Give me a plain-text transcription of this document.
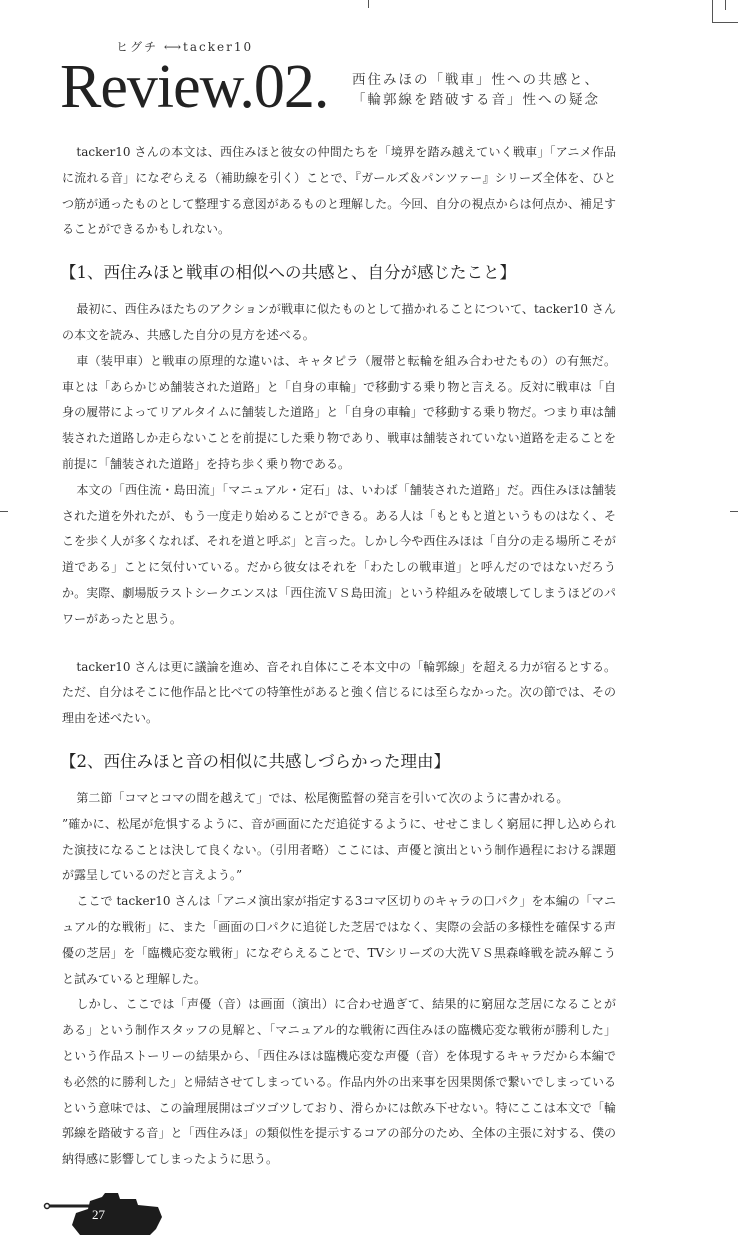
ヒグチ ⟷tacker10
Review.02. 西住みほの「戦車」性への共感と、
「輪郭線を踏破する音」性への疑念

tacker10 さんの本文は、西住みほと彼女の仲間たちを「境界を踏み越えていく戦車」「アニメ作品に流れる音」になぞらえる（補助線を引く）ことで、『ガールズ＆パンツァー』シリーズ全体を、ひとつ筋が通ったものとして整理する意図があるものと理解した。今回、自分の視点からは何点か、補足することができるかもしれない。

【1、西住みほと戦車の相似への共感と、自分が感じたこと】

最初に、西住みほたちのアクションが戦車に似たものとして描かれることについて、tacker10 さんの本文を読み、共感した自分の見方を述べる。

車（装甲車）と戦車の原理的な違いは、キャタピラ（履帯と転輪を組み合わせたもの）の有無だ。車とは「あらかじめ舗装された道路」と「自身の車輪」で移動する乗り物と言える。反対に戦車は「自身の履帯によってリアルタイムに舗装した道路」と「自身の車輪」で移動する乗り物だ。つまり車は舗装された道路しか走らないことを前提にした乗り物であり、戦車は舗装されていない道路を走ることを前提に「舗装された道路」を持ち歩く乗り物である。

本文の「西住流・島田流」「マニュアル・定石」は、いわば「舗装された道路」だ。西住みほは舗装された道を外れたが、もう一度走り始めることができる。ある人は「もともと道というものはなく、そこを歩く人が多くなれば、それを道と呼ぶ」と言った。しかし今や西住みほは「自分の走る場所こそが道である」ことに気付いている。だから彼女はそれを「わたしの戦車道」と呼んだのではないだろうか。実際、劇場版ラストシークエンスは「西住流ＶＳ島田流」という枠組みを破壊してしまうほどのパワーがあったと思う。

tacker10 さんは更に議論を進め、音それ自体にこそ本文中の「輪郭線」を超える力が宿るとする。ただ、自分はそこに他作品と比べての特筆性があると強く信じるには至らなかった。次の節では、その理由を述べたい。

【2、西住みほと音の相似に共感しづらかった理由】

第二節「コマとコマの間を越えて」では、松尾衡監督の発言を引いて次のように書かれる。

”確かに、松尾が危惧するように、音が画面にただ追従するように、せせこましく窮屈に押し込められた演技になることは決して良くない。（引用者略）ここには、声優と演出という制作過程における課題が露呈しているのだと言えよう。”

ここで tacker10 さんは「アニメ演出家が指定する3コマ区切りのキャラの口パク」を本編の「マニュアル的な戦術」に、また「画面の口パクに追従した芝居ではなく、実際の会話の多様性を確保する声優の芝居」を「臨機応変な戦術」になぞらえることで、TVシリーズの大洗ＶＳ黒森峰戦を読み解こうと試みていると理解した。

しかし、ここでは「声優（音）は画面（演出）に合わせ過ぎて、結果的に窮屈な芝居になることがある」という制作スタッフの見解と、「マニュアル的な戦術に西住みほの臨機応変な戦術が勝利した」という作品ストーリーの結果から、「西住みほは臨機応変な声優（音）を体現するキャラだから本編でも必然的に勝利した」と帰結させてしまっている。作品内外の出来事を因果関係で繋いでしまっているという意味では、この論理展開はゴツゴツしており、滑らかには飲み下せない。特にここは本文で「輪郭線を踏破する音」と「西住みほ」の類似性を提示するコアの部分のため、全体の主張に対する、僕の納得感に影響してしまったように思う。

27
